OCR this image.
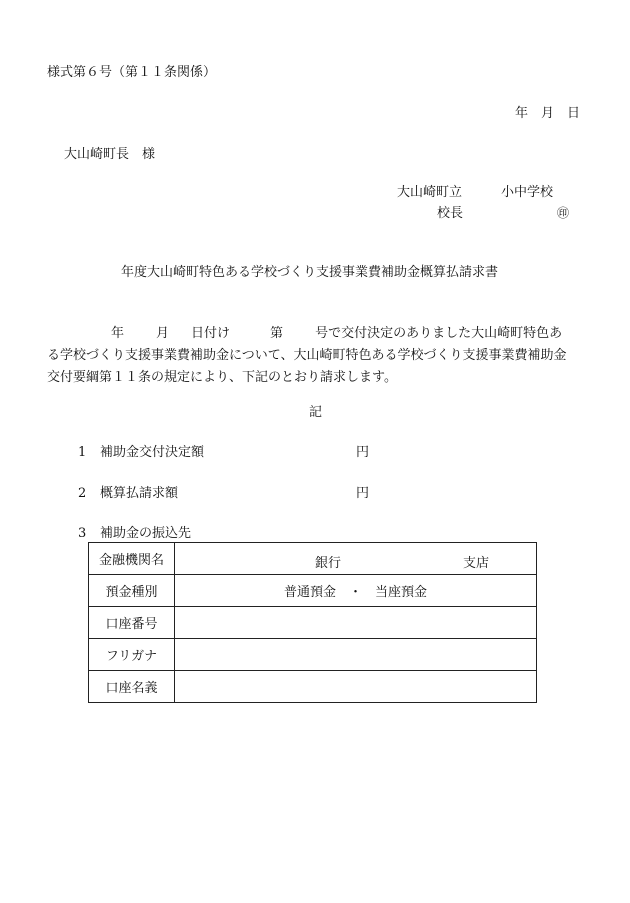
様式第６号（第１１条関係）
年　月　日
大山崎町長　様
大山崎町立　　　小中学校
校長	㊞
年度大山崎町特色ある学校づくり支援事業費補助金概算払請求書
年 月 日付け	第 号で交付決定のありました大山崎町特色あ
る学校づくり支援事業費補助金について、大山崎町特色ある学校づくり支援事業費補助金
交付要綱第１１条の規定により、下記のとおり請求します。
記
1 補助金交付決定額	円
2 概算払請求額	円
3 補助金の振込先
金融機関名	銀行 支店

預金種別	普通預金　・　当座預金
口座番号	
フリガナ	
口座名義	
